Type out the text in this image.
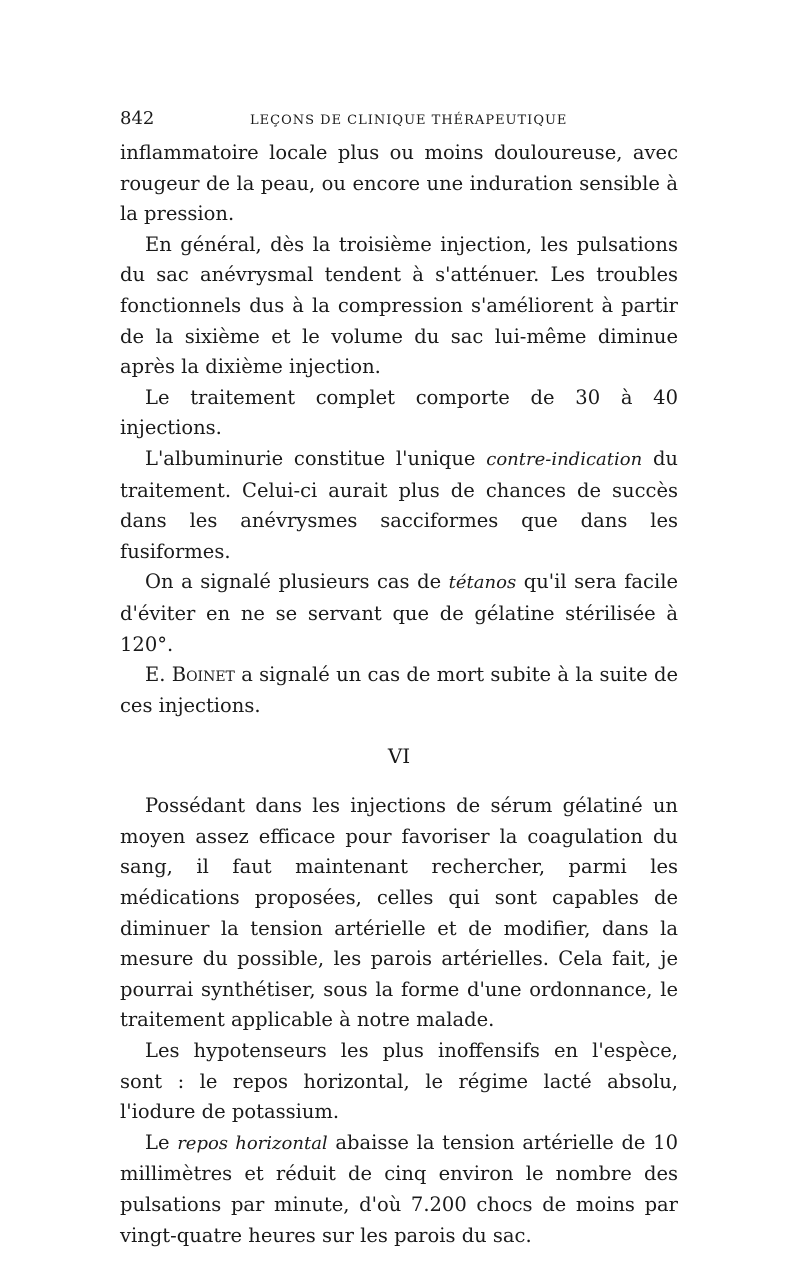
842	LEÇONS DE CLINIQUE THÉRAPEUTIQUE

inflammatoire locale plus ou moins douloureuse, avec rougeur de la peau, ou encore une induration sensible à la pression.

En général, dès la troisième injection, les pulsations du sac anévrysmal tendent à s'atténuer. Les troubles fonctionnels dus à la compression s'améliorent à partir de la sixième et le volume du sac lui-même diminue après la dixième injection.

Le traitement complet comporte de 30 à 40 injections.

L'albuminurie constitue l'unique contre-indication du traitement. Celui-ci aurait plus de chances de succès dans les anévrysmes sacciformes que dans les fusiformes.

On a signalé plusieurs cas de tétanos qu'il sera facile d'éviter en ne se servant que de gélatine stérilisée à 120°.

E. Boinet a signalé un cas de mort subite à la suite de ces injections.

VI

Possédant dans les injections de sérum gélatiné un moyen assez efficace pour favoriser la coagulation du sang, il faut maintenant rechercher, parmi les médications proposées, celles qui sont capables de diminuer la tension artérielle et de modifier, dans la mesure du possible, les parois artérielles. Cela fait, je pourrai synthétiser, sous la forme d'une ordonnance, le traitement applicable à notre malade.

Les hypotenseurs les plus inoffensifs en l'espèce, sont : le repos horizontal, le régime lacté absolu, l'iodure de potassium.

Le repos horizontal abaisse la tension artérielle de 10 millimètres et réduit de cinq environ le nombre des pulsations par minute, d'où 7.200 chocs de moins par vingt-quatre heures sur les parois du sac.
